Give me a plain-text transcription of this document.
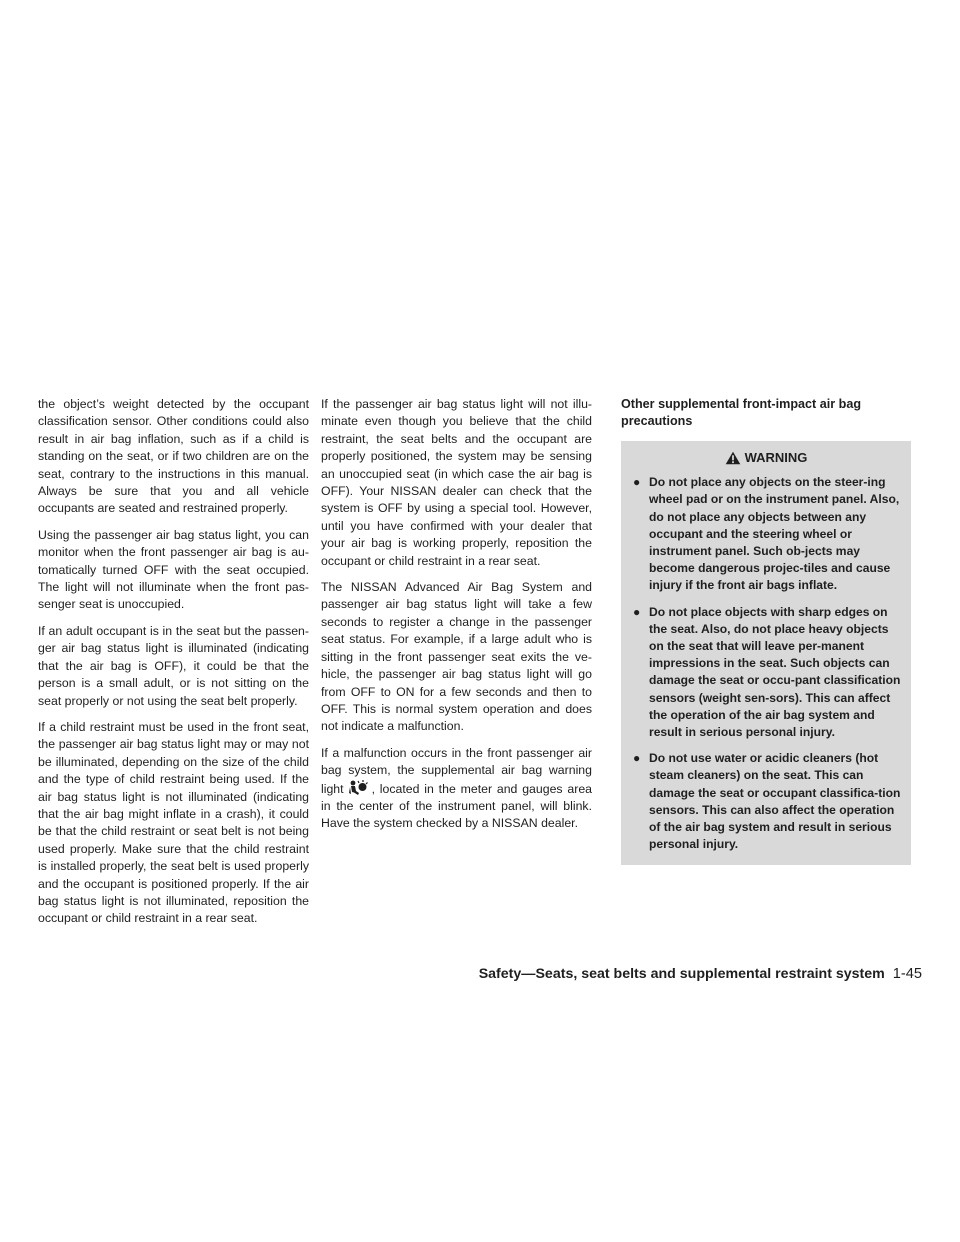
the object’s weight detected by the occupant classification sensor. Other conditions could also result in air bag inflation, such as if a child is standing on the seat, or if two children are on the seat, contrary to the instructions in this manual. Always be sure that you and all vehicle occupants are seated and restrained properly.

Using the passenger air bag status light, you can monitor when the front passenger air bag is au-tomatically turned OFF with the seat occupied. The light will not illuminate when the front pas-senger seat is unoccupied.

If an adult occupant is in the seat but the passen-ger air bag status light is illuminated (indicating that the air bag is OFF), it could be that the person is a small adult, or is not sitting on the seat properly or not using the seat belt properly.

If a child restraint must be used in the front seat, the passenger air bag status light may or may not be illuminated, depending on the size of the child and the type of child restraint being used. If the air bag status light is not illuminated (indicating that the air bag might inflate in a crash), it could be that the child restraint or seat belt is not being used properly. Make sure that the child restraint is installed properly, the seat belt is used properly and the occupant is positioned properly. If the air bag status light is not illuminated, reposition the occupant or child restraint in a rear seat.

If the passenger air bag status light will not illu-minate even though you believe that the child restraint, the seat belts and the occupant are properly positioned, the system may be sensing an unoccupied seat (in which case the air bag is OFF). Your NISSAN dealer can check that the system is OFF by using a special tool. However, until you have confirmed with your dealer that your air bag is working properly, reposition the occupant or child restraint in a rear seat.

The NISSAN Advanced Air Bag System and passenger air bag status light will take a few seconds to register a change in the passenger seat status. For example, if a large adult who is sitting in the front passenger seat exits the ve-hicle, the passenger air bag status light will go from OFF to ON for a few seconds and then to OFF. This is normal system operation and does not indicate a malfunction.

If a malfunction occurs in the front passenger air bag system, the supplemental air bag warning light , located in the meter and gauges area in the center of the instrument panel, will blink. Have the system checked by a NISSAN dealer.

Other supplemental front-impact air bag precautions
WARNING
● Do not place any objects on the steer-ing wheel pad or on the instrument panel. Also, do not place any objects between any occupant and the steering wheel or instrument panel. Such ob-jects may become dangerous projec-tiles and cause injury if the front air bags inflate.
● Do not place objects with sharp edges on the seat. Also, do not place heavy objects on the seat that will leave per-manent impressions in the seat. Such objects can damage the seat or occu-pant classification sensors (weight sen-sors). This can affect the operation of the air bag system and result in serious personal injury.
● Do not use water or acidic cleaners (hot steam cleaners) on the seat. This can damage the seat or occupant classifica-tion sensors. This can also affect the operation of the air bag system and result in serious personal injury.
Safety—Seats, seat belts and supplemental restraint system 1-45
